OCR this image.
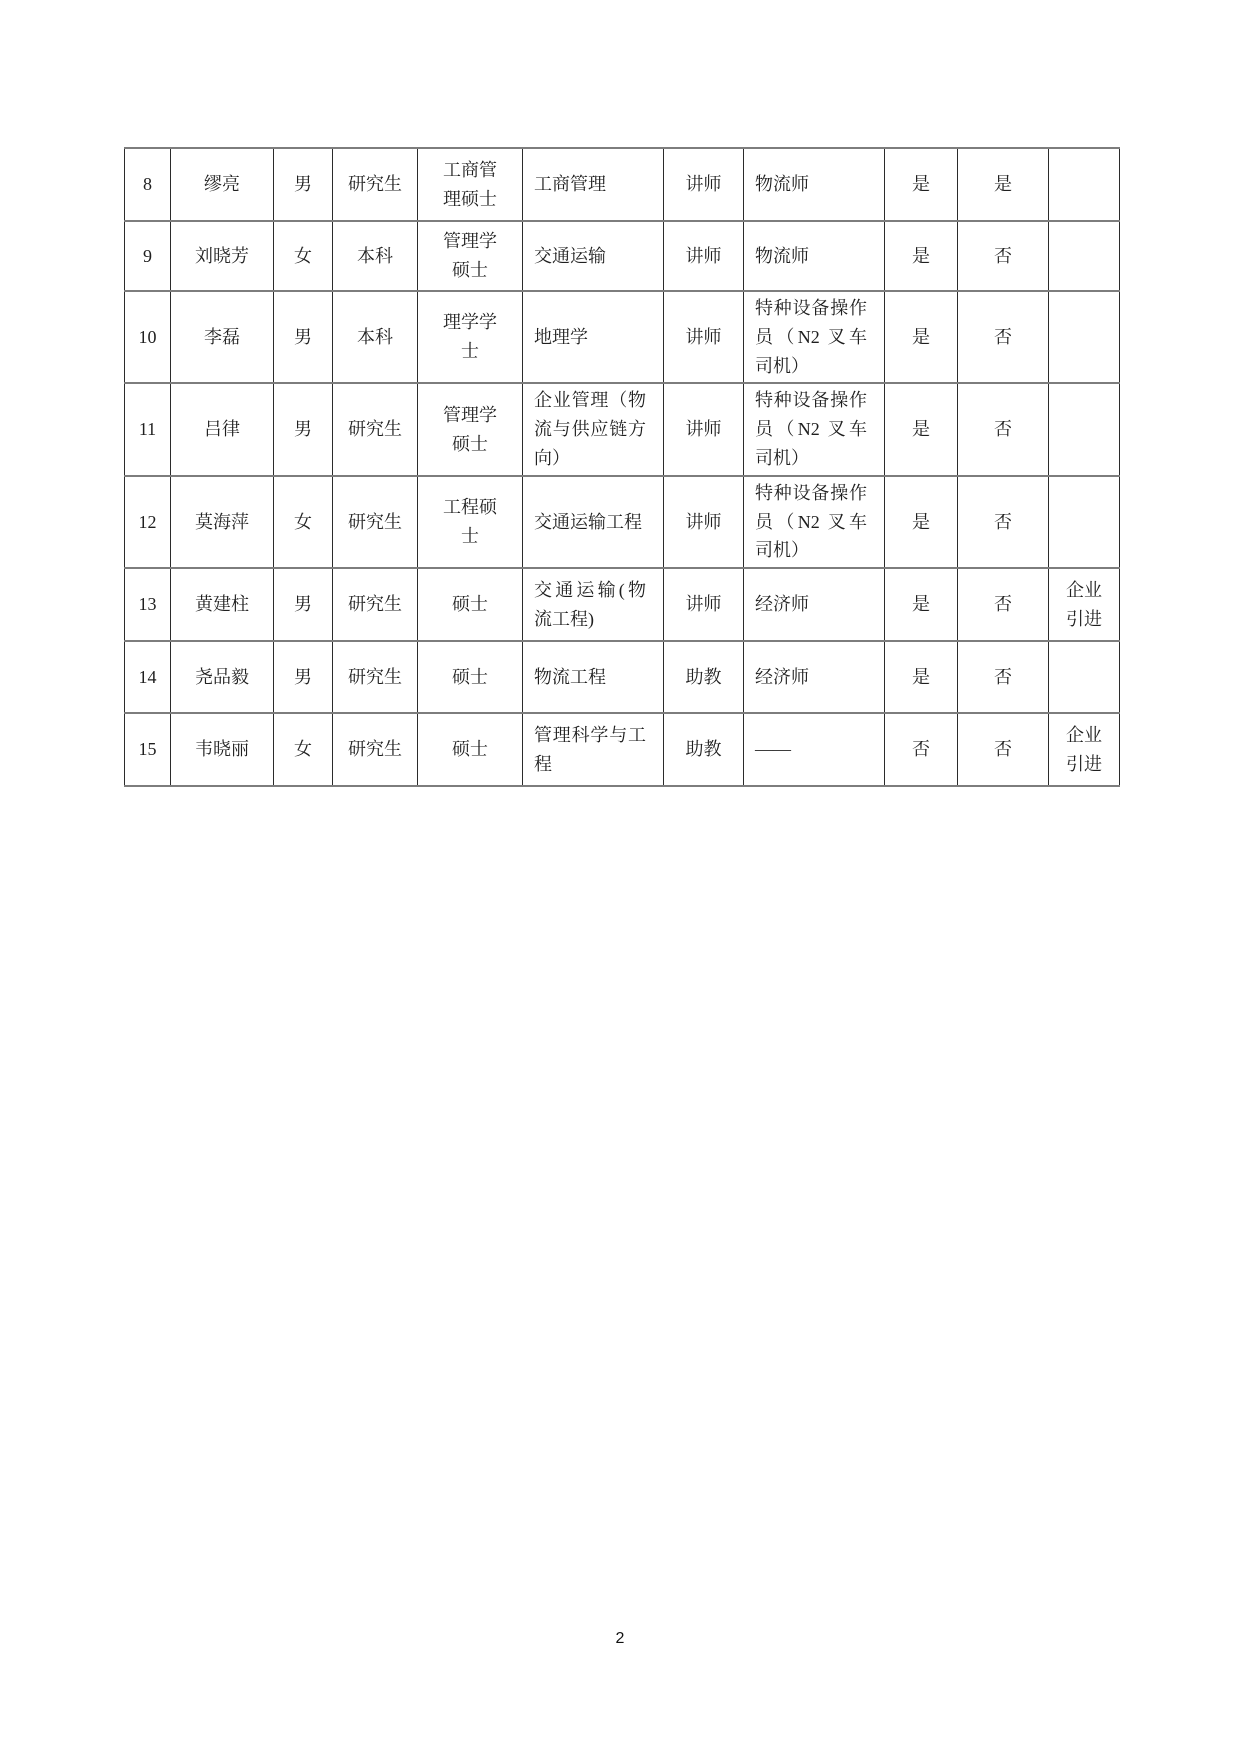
8	缪亮	男	研究生	工商管理硕士	工商管理	讲师	物流师	是	是	
9	刘晓芳	女	本科	管理学硕士	交通运输	讲师	物流师	是	否	
10	李磊	男	本科	理学学士	地理学	讲师	特种设备操作员（N2 叉车司机）	是	否	
11	吕律	男	研究生	管理学硕士	企业管理（物流与供应链方向）	讲师	特种设备操作员（N2 叉车司机）	是	否	
12	莫海萍	女	研究生	工程硕士	交通运输工程	讲师	特种设备操作员（N2 叉车司机）	是	否	
13	黄建柱	男	研究生	硕士	交通运输(物流工程)	讲师	经济师	是	否	企业引进
14	尧品毅	男	研究生	硕士	物流工程	助教	经济师	是	否	
15	韦晓丽	女	研究生	硕士	管理科学与工程	助教	——	否	否	企业引进
2
